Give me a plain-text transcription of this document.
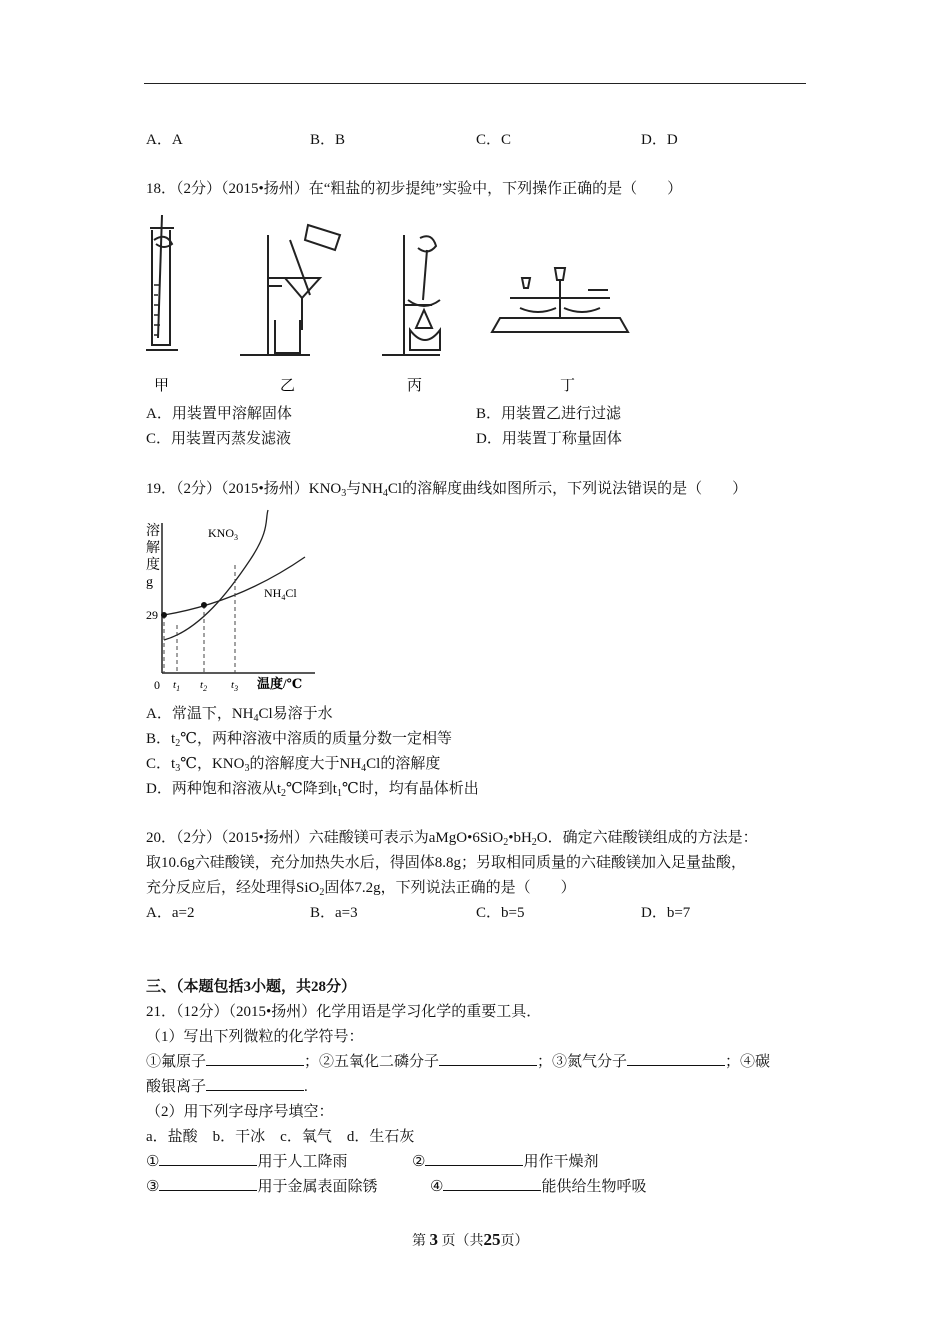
A．A	B．B	C．C	D．D
18．（2分）（2015•扬州）在“粗盐的初步提纯”实验中，下列操作正确的是（　　）
甲	乙	丙	丁
A．用装置甲溶解固体	B．用装置乙进行过滤
C．用装置丙蒸发滤液	D．用装置丁称量固体
19．（2分）（2015•扬州）$KNO_3$与$NH_4Cl$的溶解度曲线如图所示，下列说法错误的是（　　）
溶
解
度
g
29
0 $t_1$ $t_2$ $t_3$ 温度/℃
$KNO_3$
$NH_4Cl$
A．常温下，$NH_4Cl$易溶于水
B．$t_2℃$，两种溶液中溶质的质量分数一定相等
C．$t_3℃$，$KNO_3$的溶解度大于$NH_4Cl$的溶解度
D．两种饱和溶液从$t_2℃$降到$t_1℃$时，均有晶体析出
20．（2分）（2015•扬州）六硅酸镁可表示为$aMgO•6SiO_2•bH_2O$．确定六硅酸镁组成的方法是：
取10.6g六硅酸镁，充分加热失水后，得固体8.8g；另取相同质量的六硅酸镁加入足量盐酸，
充分反应后，经处理得SiO$_2$固体7.2g，下列说法正确的是（　　）
A．a=2	B．a=3	C．b=5	D．b=7
三、（本题包括3小题，共28分）
21．（12分）（2015•扬州）化学用语是学习化学的重要工具．
（1）写出下列微粒的化学符号：
①氟原子	；②五氧化二磷分子	；③氮气分子	；④碳
酸银离子	.
（2）用下列字母序号填空：
a．盐酸　b．干冰　c．氧气　d．生石灰
①	用于人工降雨	②	用作干燥剂
③	用于金属表面除锈	④	能供给生物呼吸
第 3 页（共25页）
